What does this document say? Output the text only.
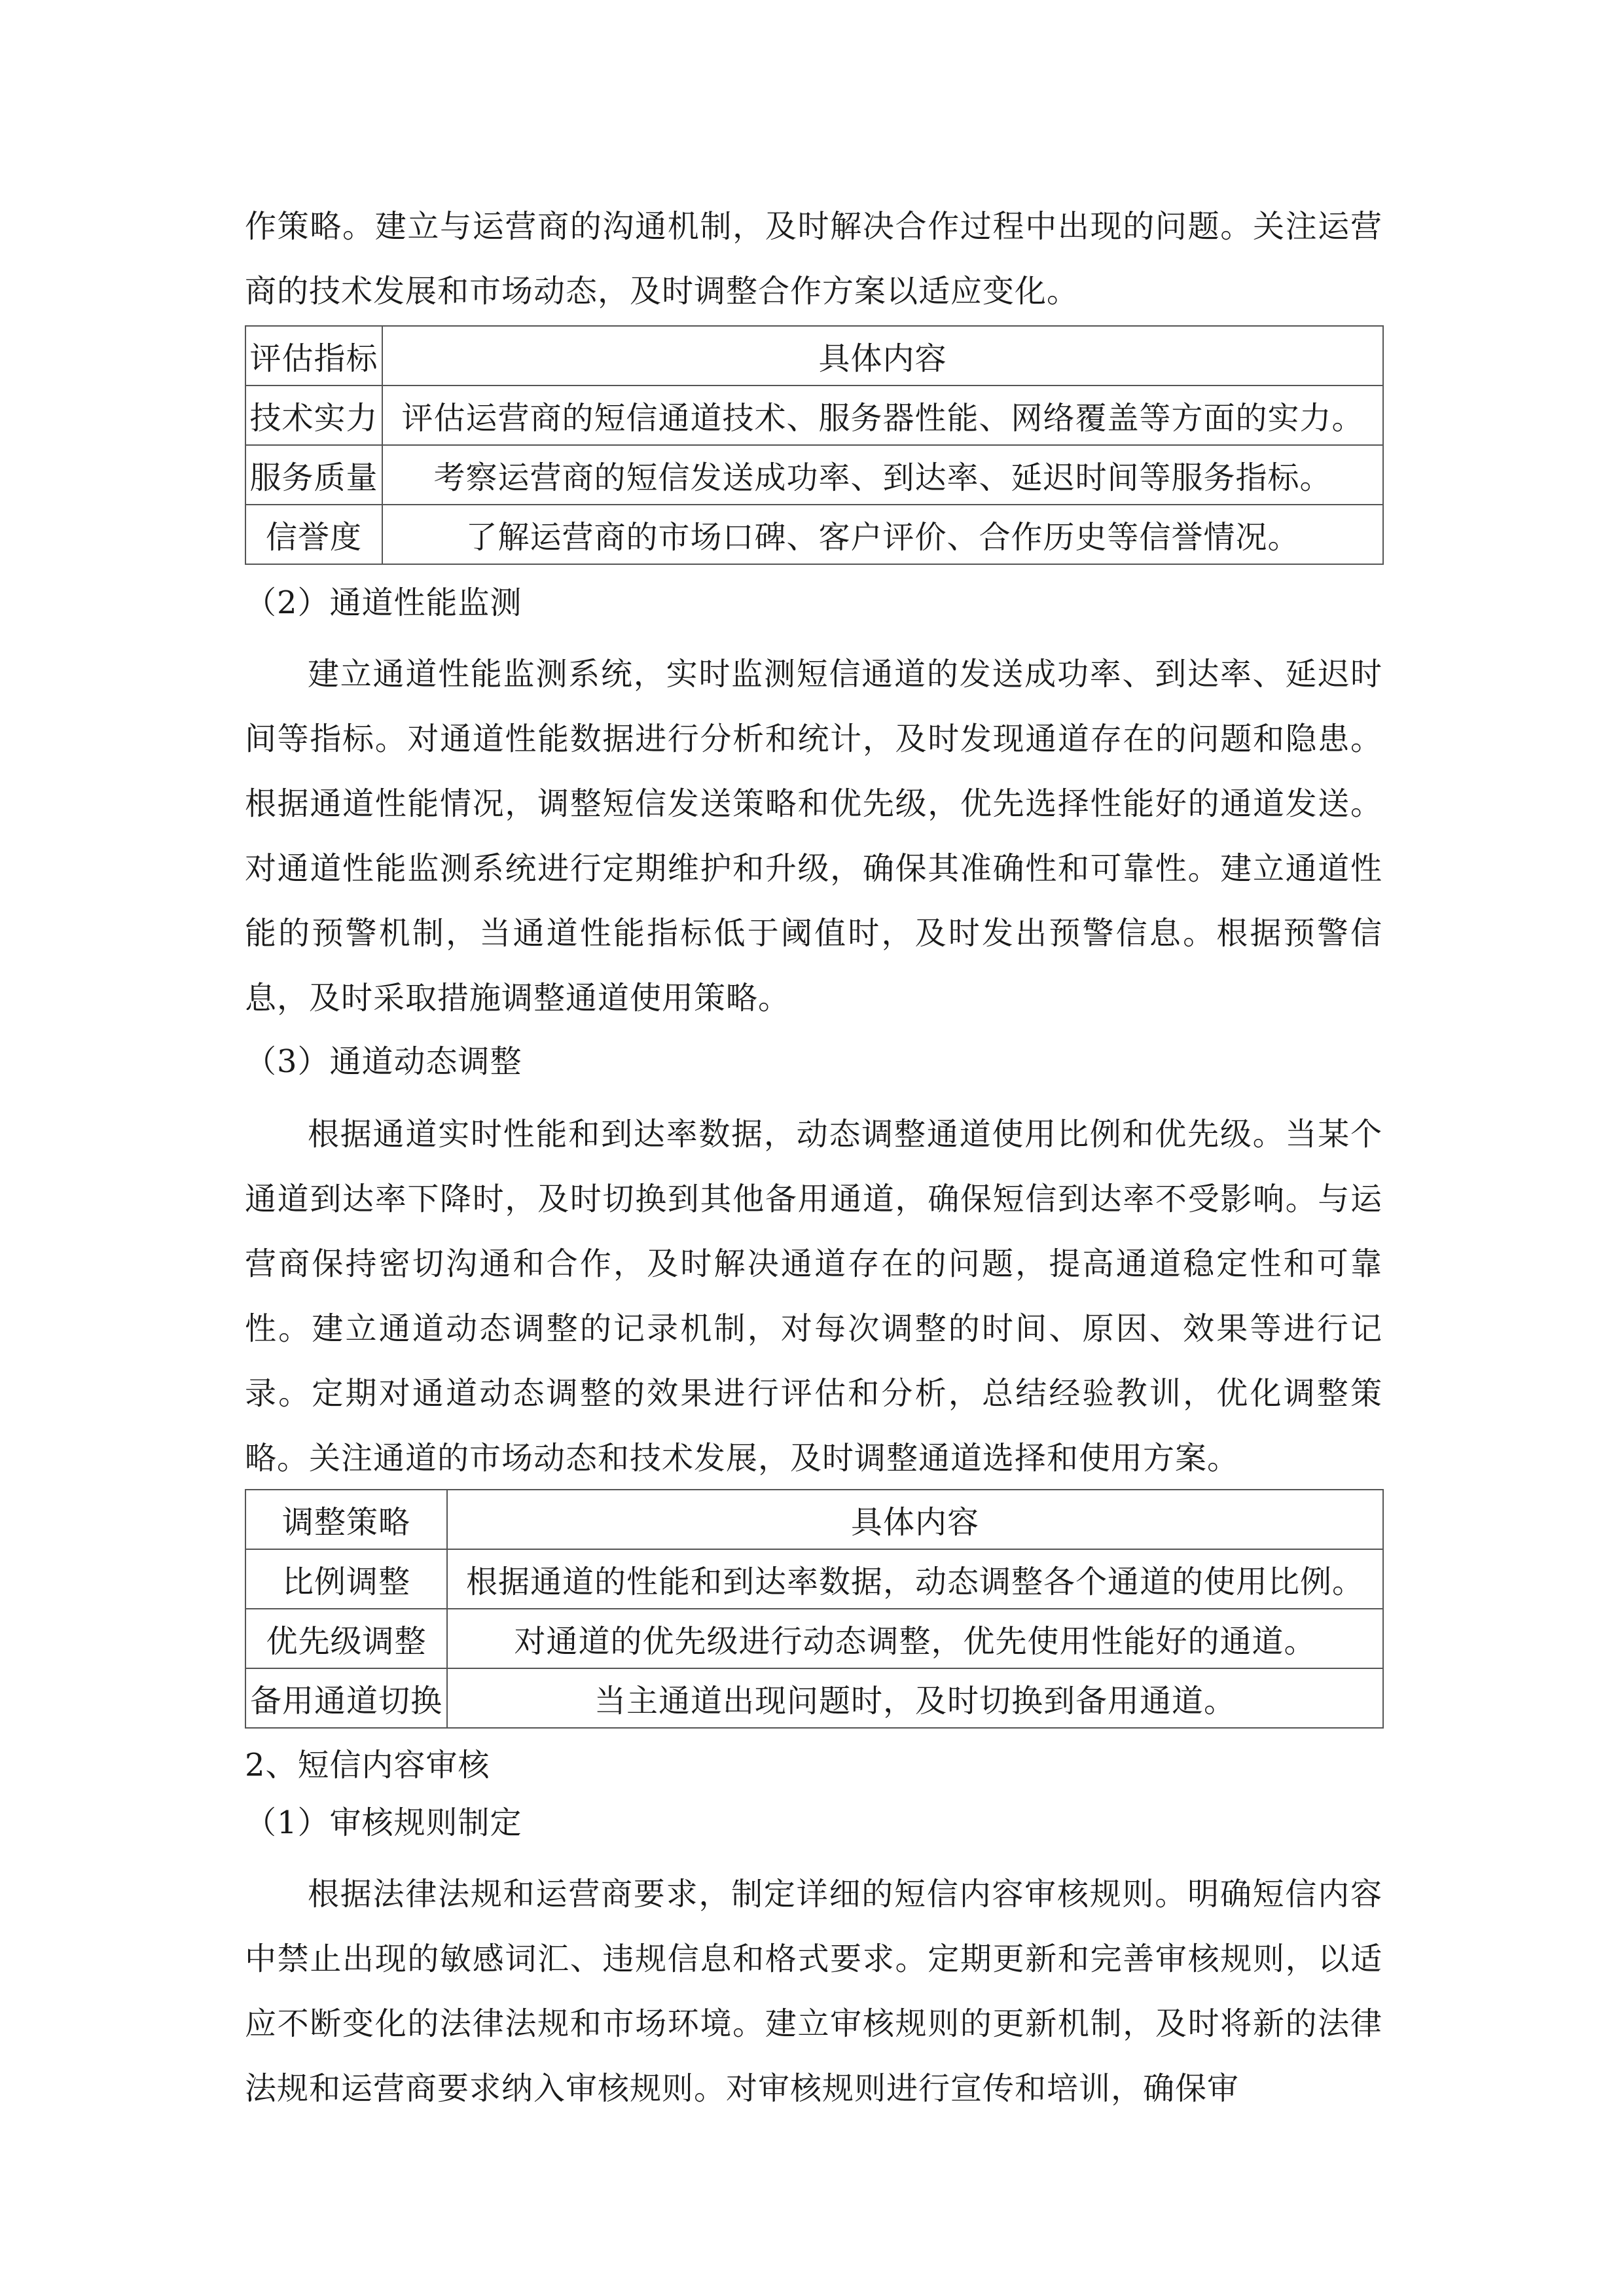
作策略。建立与运营商的沟通机制，及时解决合作过程中出现的问题。关注运营商的技术发展和市场动态，及时调整合作方案以适应变化。

评估指标	具体内容
技术实力	评估运营商的短信通道技术、服务器性能、网络覆盖等方面的实力。
服务质量	考察运营商的短信发送成功率、到达率、延迟时间等服务指标。
信誉度	了解运营商的市场口碑、客户评价、合作历史等信誉情况。

（2）通道性能监测

建立通道性能监测系统，实时监测短信通道的发送成功率、到达率、延迟时间等指标。对通道性能数据进行分析和统计，及时发现通道存在的问题和隐患。根据通道性能情况，调整短信发送策略和优先级，优先选择性能好的通道发送。对通道性能监测系统进行定期维护和升级，确保其准确性和可靠性。建立通道性能的预警机制，当通道性能指标低于阈值时，及时发出预警信息。根据预警信息，及时采取措施调整通道使用策略。

（3）通道动态调整

根据通道实时性能和到达率数据，动态调整通道使用比例和优先级。当某个通道到达率下降时，及时切换到其他备用通道，确保短信到达率不受影响。与运营商保持密切沟通和合作，及时解决通道存在的问题，提高通道稳定性和可靠性。建立通道动态调整的记录机制，对每次调整的时间、原因、效果等进行记录。定期对通道动态调整的效果进行评估和分析，总结经验教训，优化调整策略。关注通道的市场动态和技术发展，及时调整通道选择和使用方案。

调整策略	具体内容
比例调整	根据通道的性能和到达率数据，动态调整各个通道的使用比例。
优先级调整	对通道的优先级进行动态调整，优先使用性能好的通道。
备用通道切换	当主通道出现问题时，及时切换到备用通道。

2、短信内容审核

（1）审核规则制定

根据法律法规和运营商要求，制定详细的短信内容审核规则。明确短信内容中禁止出现的敏感词汇、违规信息和格式要求。定期更新和完善审核规则，以适应不断变化的法律法规和市场环境。建立审核规则的更新机制，及时将新的法律法规和运营商要求纳入审核规则。对审核规则进行宣传和培训，确保审
